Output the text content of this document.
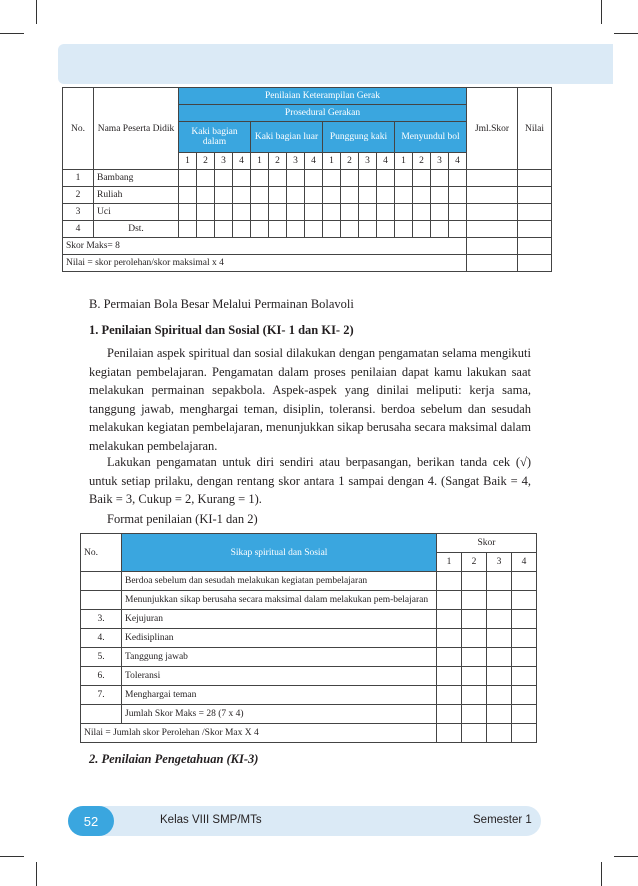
No.	Nama Peserta Didik	Penilaian Keterampilan Gerak																Jml.Skor	Nilai
		Prosedural Gerakan																	
		Kaki bagian dalam				Kaki bagian luar				Punggung kaki				Menyundul bol					
		1	2	3	4	1	2	3	4	1	2	3	4	1	2	3	4		
1	Bambang																		
2	Ruliah																		
3	Uci																		
4	Dst.																		
Skor Maks= 8																			
Nilai = skor perolehan/skor maksimal x 4																			
B. Permaian Bola Besar Melalui Permainan Bolavoli
1. Penilaian Spiritual dan Sosial (KI- 1 dan KI- 2)
Penilaian aspek spiritual dan sosial dilakukan dengan pengamatan selama mengikuti kegiatan pembelajaran. Pengamatan dalam proses penilaian dapat kamu lakukan saat melakukan permainan sepakbola. Aspek-aspek yang dinilai meliputi: kerja sama, tanggung jawab, menghargai teman, disiplin, toleransi. berdoa sebelum dan sesudah melakukan kegiatan pembelajaran, menunjukkan sikap berusaha secara maksimal dalam melakukan pembelajaran.
Lakukan pengamatan untuk diri sendiri atau berpasangan, berikan tanda cek (√) untuk setiap prilaku, dengan rentang skor antara 1 sampai dengan 4. (Sangat Baik = 4, Baik = 3, Cukup = 2, Kurang = 1).
Format penilaian (KI-1 dan 2)
No.	Sikap spiritual dan Sosial	Skor			
		1	2	3	4
	Berdoa sebelum dan sesudah melakukan kegiatan pembelajaran				
	Menunjukkan sikap berusaha secara maksimal dalam melakukan pem-belajaran				
3.	Kejujuran				
4.	Kedisiplinan				
5.	Tanggung jawab				
6.	Toleransi				
7.	Menghargai teman				
	Jumlah Skor Maks = 28 (7 x 4)				
Nilai = Jumlah skor Perolehan /Skor Max X 4					
2. Penilaian Pengetahuan (KI-3)
52	Kelas VIII SMP/MTs	Semester 1
